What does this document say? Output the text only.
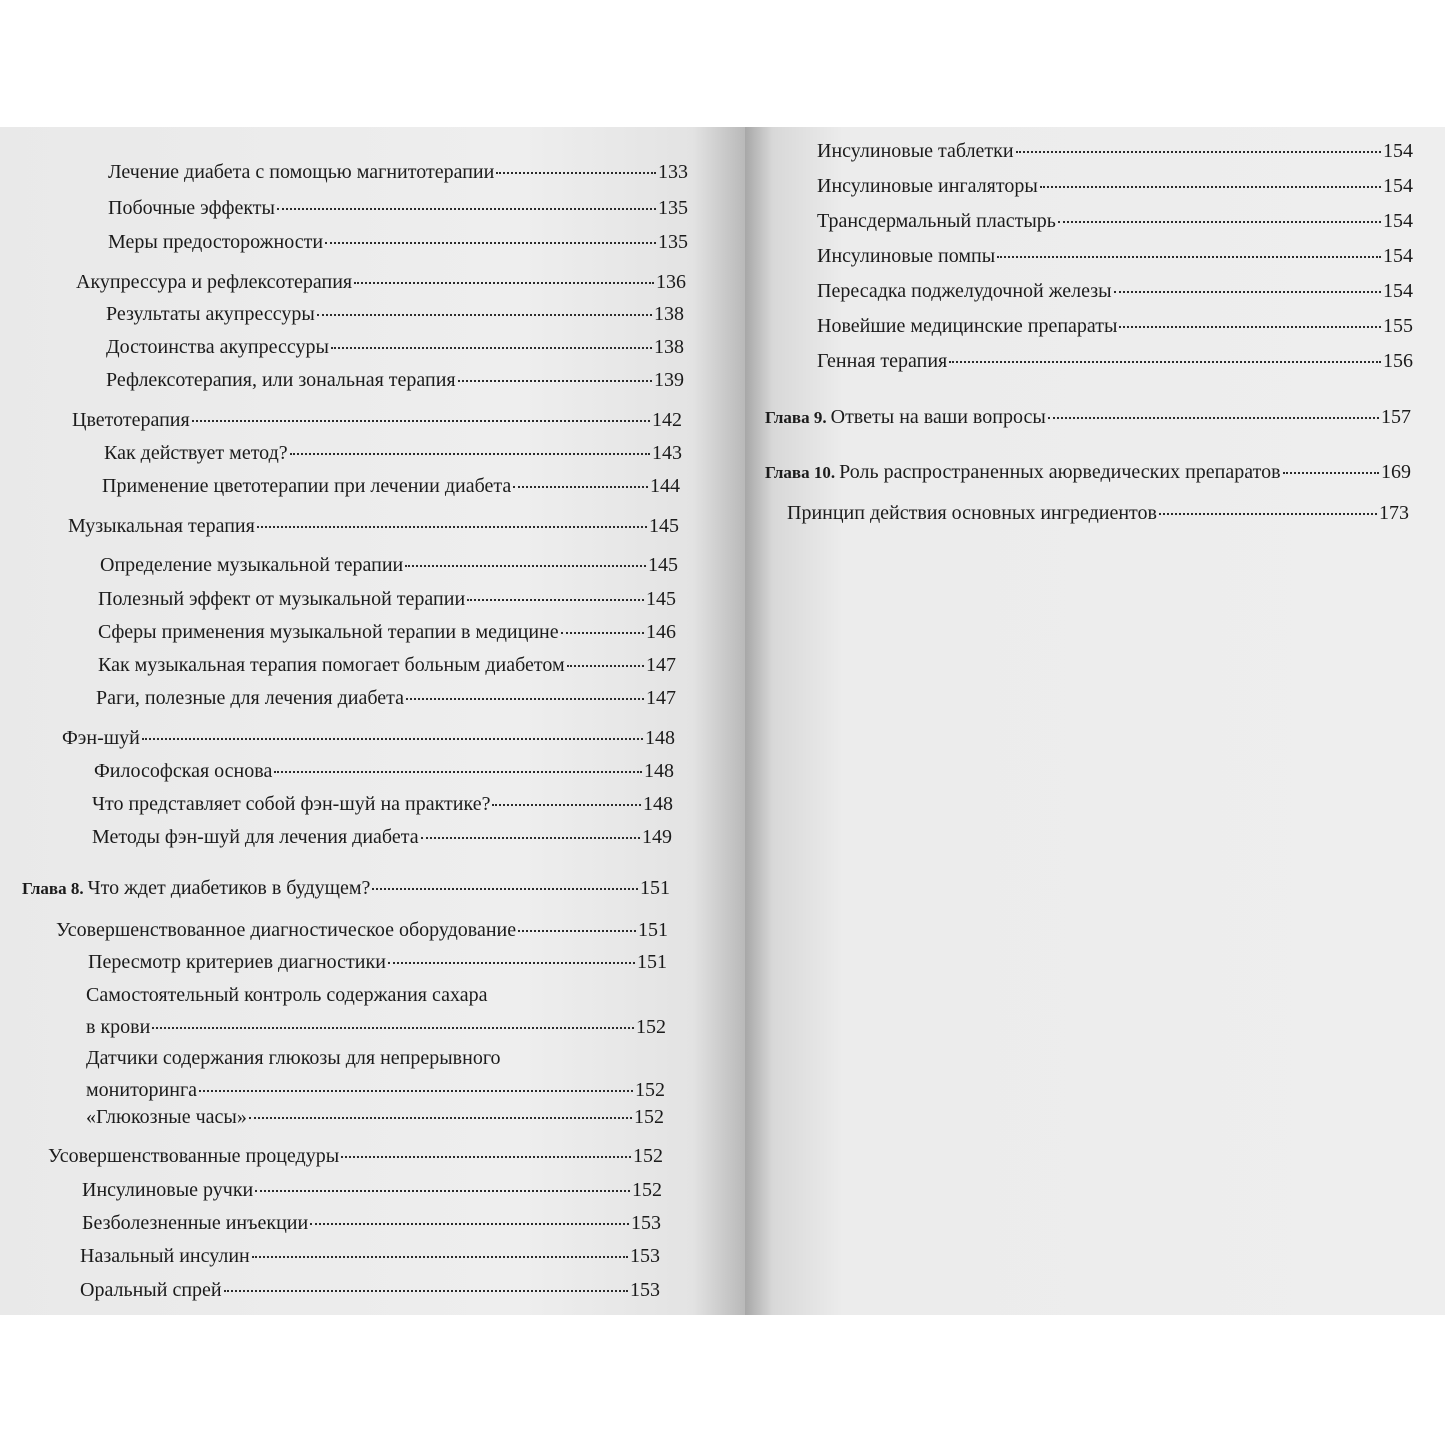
Лечение диабета с помощью магнитотерапии	133
Побочные эффекты	135
Меры предосторожности	135
Акупрессура и рефлексотерапия	136
Результаты акупрессуры	138
Достоинства акупрессуры	138
Рефлексотерапия, или зональная терапия	139
Цветотерапия	142
Как действует метод?	143
Применение цветотерапии при лечении диабета	144
Музыкальная терапия	145
Определение музыкальной терапии	145
Полезный эффект от музыкальной терапии	145
Сферы применения музыкальной терапии в медицине	146
Как музыкальная терапия помогает больным диабетом	147
Раги, полезные для лечения диабета	147
Фэн-шуй	148
Философская основа	148
Что представляет собой фэн-шуй на практике?	148
Методы фэн-шуй для лечения диабета	149
Глава 8. Что ждет диабетиков в будущем?	151
Усовершенствованное диагностическое оборудование	151
Пересмотр критериев диагностики	151
Самостоятельный контроль содержания сахара
в крови	152
Датчики содержания глюкозы для непрерывного
мониторинга	152
«Глюкозные часы»	152
Усовершенствованные процедуры	152
Инсулиновые ручки	152
Безболезненные инъекции	153
Назальный инсулин	153
Оральный спрей	153
Инсулиновые таблетки	154
Инсулиновые ингаляторы	154
Трансдермальный пластырь	154
Инсулиновые помпы	154
Пересадка поджелудочной железы	154
Новейшие медицинские препараты	155
Генная терапия	156
Глава 9. Ответы на ваши вопросы	157
Глава 10. Роль распространенных аюрведических препаратов	169
Принцип действия основных ингредиентов	173
